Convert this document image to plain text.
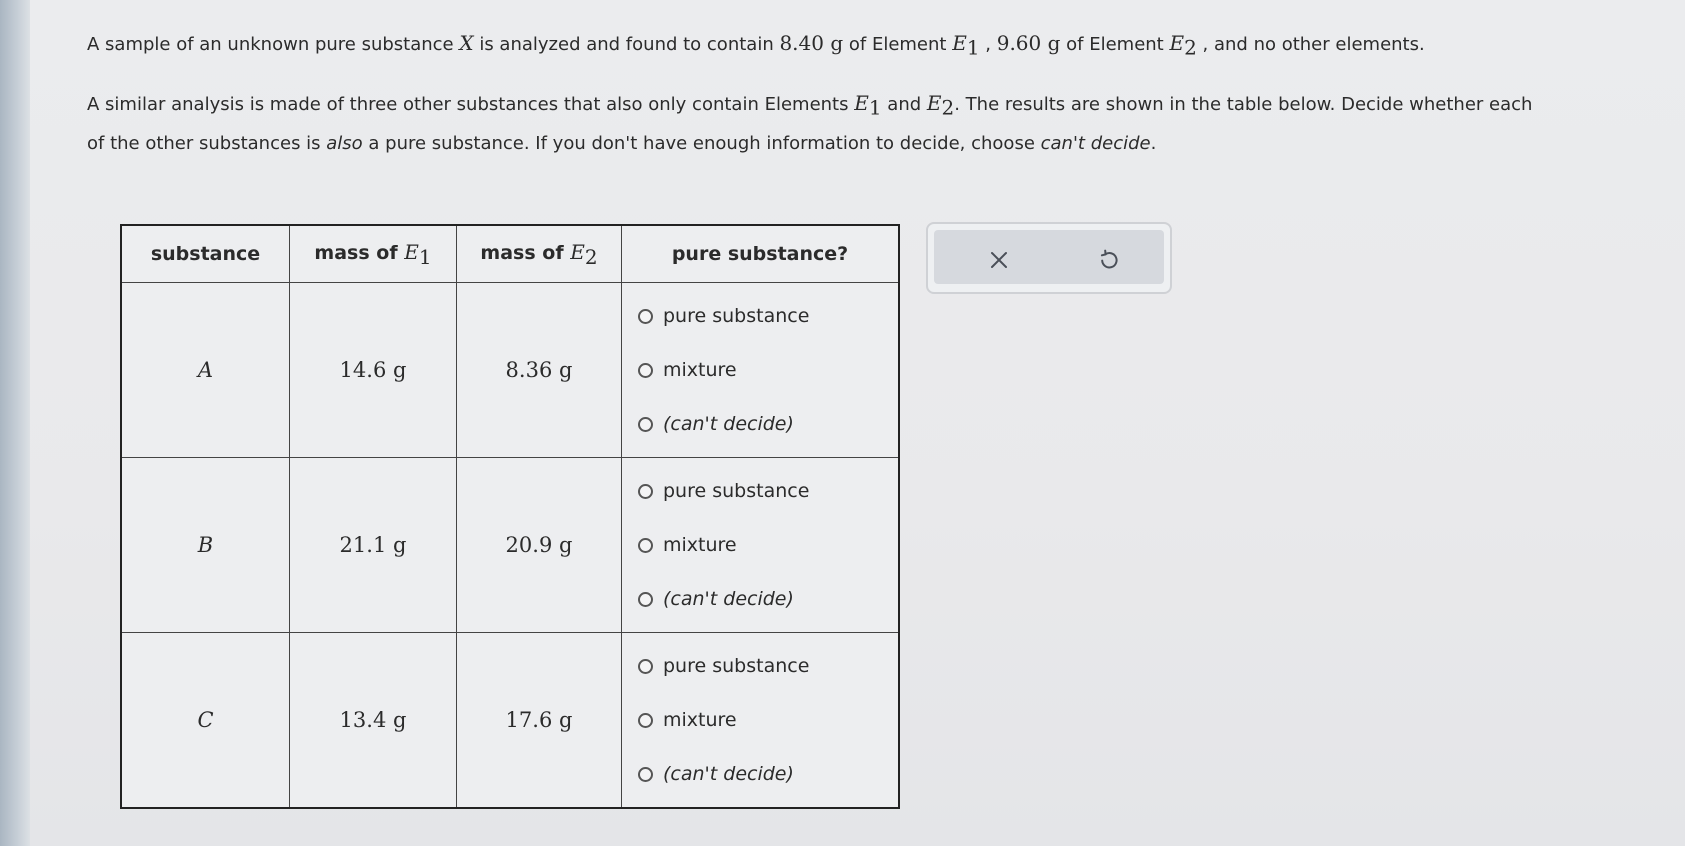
A sample of an unknown pure substance X is analyzed and found to contain 8.40 g of Element $E_1$ , 9.60 g of Element $E_2$ , and no other elements.
A similar analysis is made of three other substances that also only contain Elements $E_1$ and $E_2$. The results are shown in the table below. Decide whether each
of the other substances is also a pure substance. If you don't have enough information to decide, choose can't decide.
substance	mass of $E_1$	mass of $E_2$	pure substance?
A	14.6 g	8.36 g	pure substance
mixture
(can't decide)

B	21.1 g	20.9 g	pure substance
mixture
(can't decide)

C	13.4 g	17.6 g	pure substance
mixture
(can't decide)
